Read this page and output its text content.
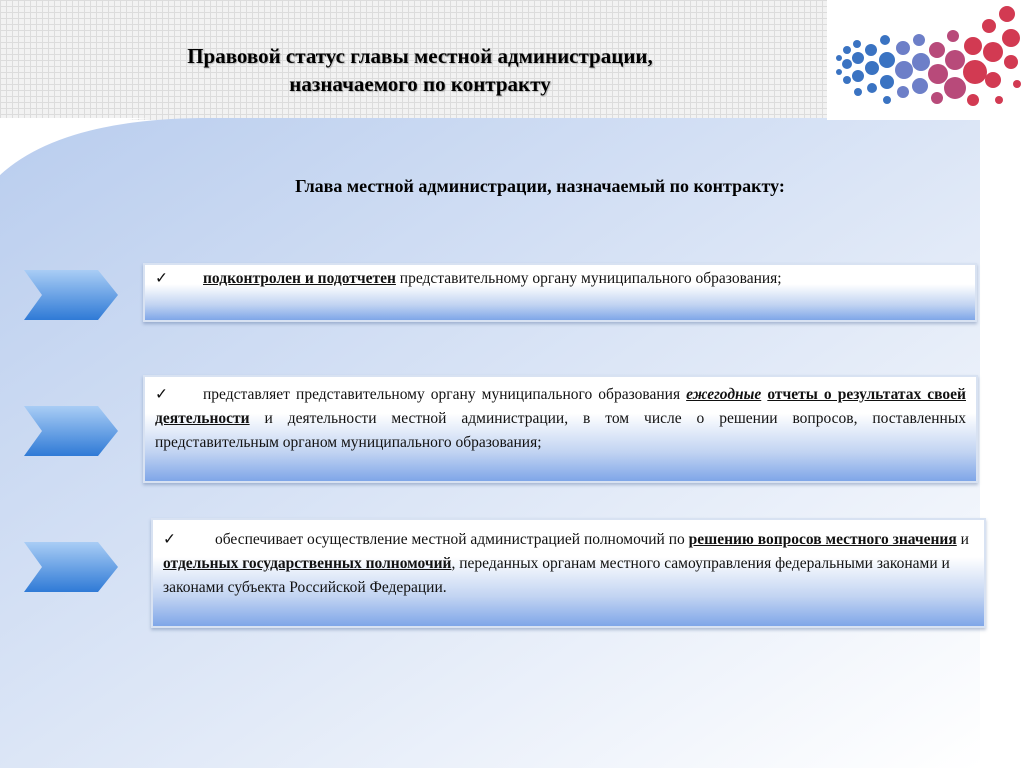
Правовой статус главы местной администрации,
назначаемого по контракту
Глава местной администрации, назначаемый по контракту:
✓ подконтролен и подотчетен представительному органу муниципального образования;
✓ представляет представительному органу муниципального образования ежегодные отчеты о результатах своей деятельности и деятельности местной администрации, в том числе о решении вопросов, поставленных представительным органом муниципального образования;
✓	обеспечивает осуществление местной администрацией полномочий по решению вопросов местного значения и отдельных государственных полномочий, переданных органам местного самоуправления федеральными законами и законами субъекта Российской Федерации.
